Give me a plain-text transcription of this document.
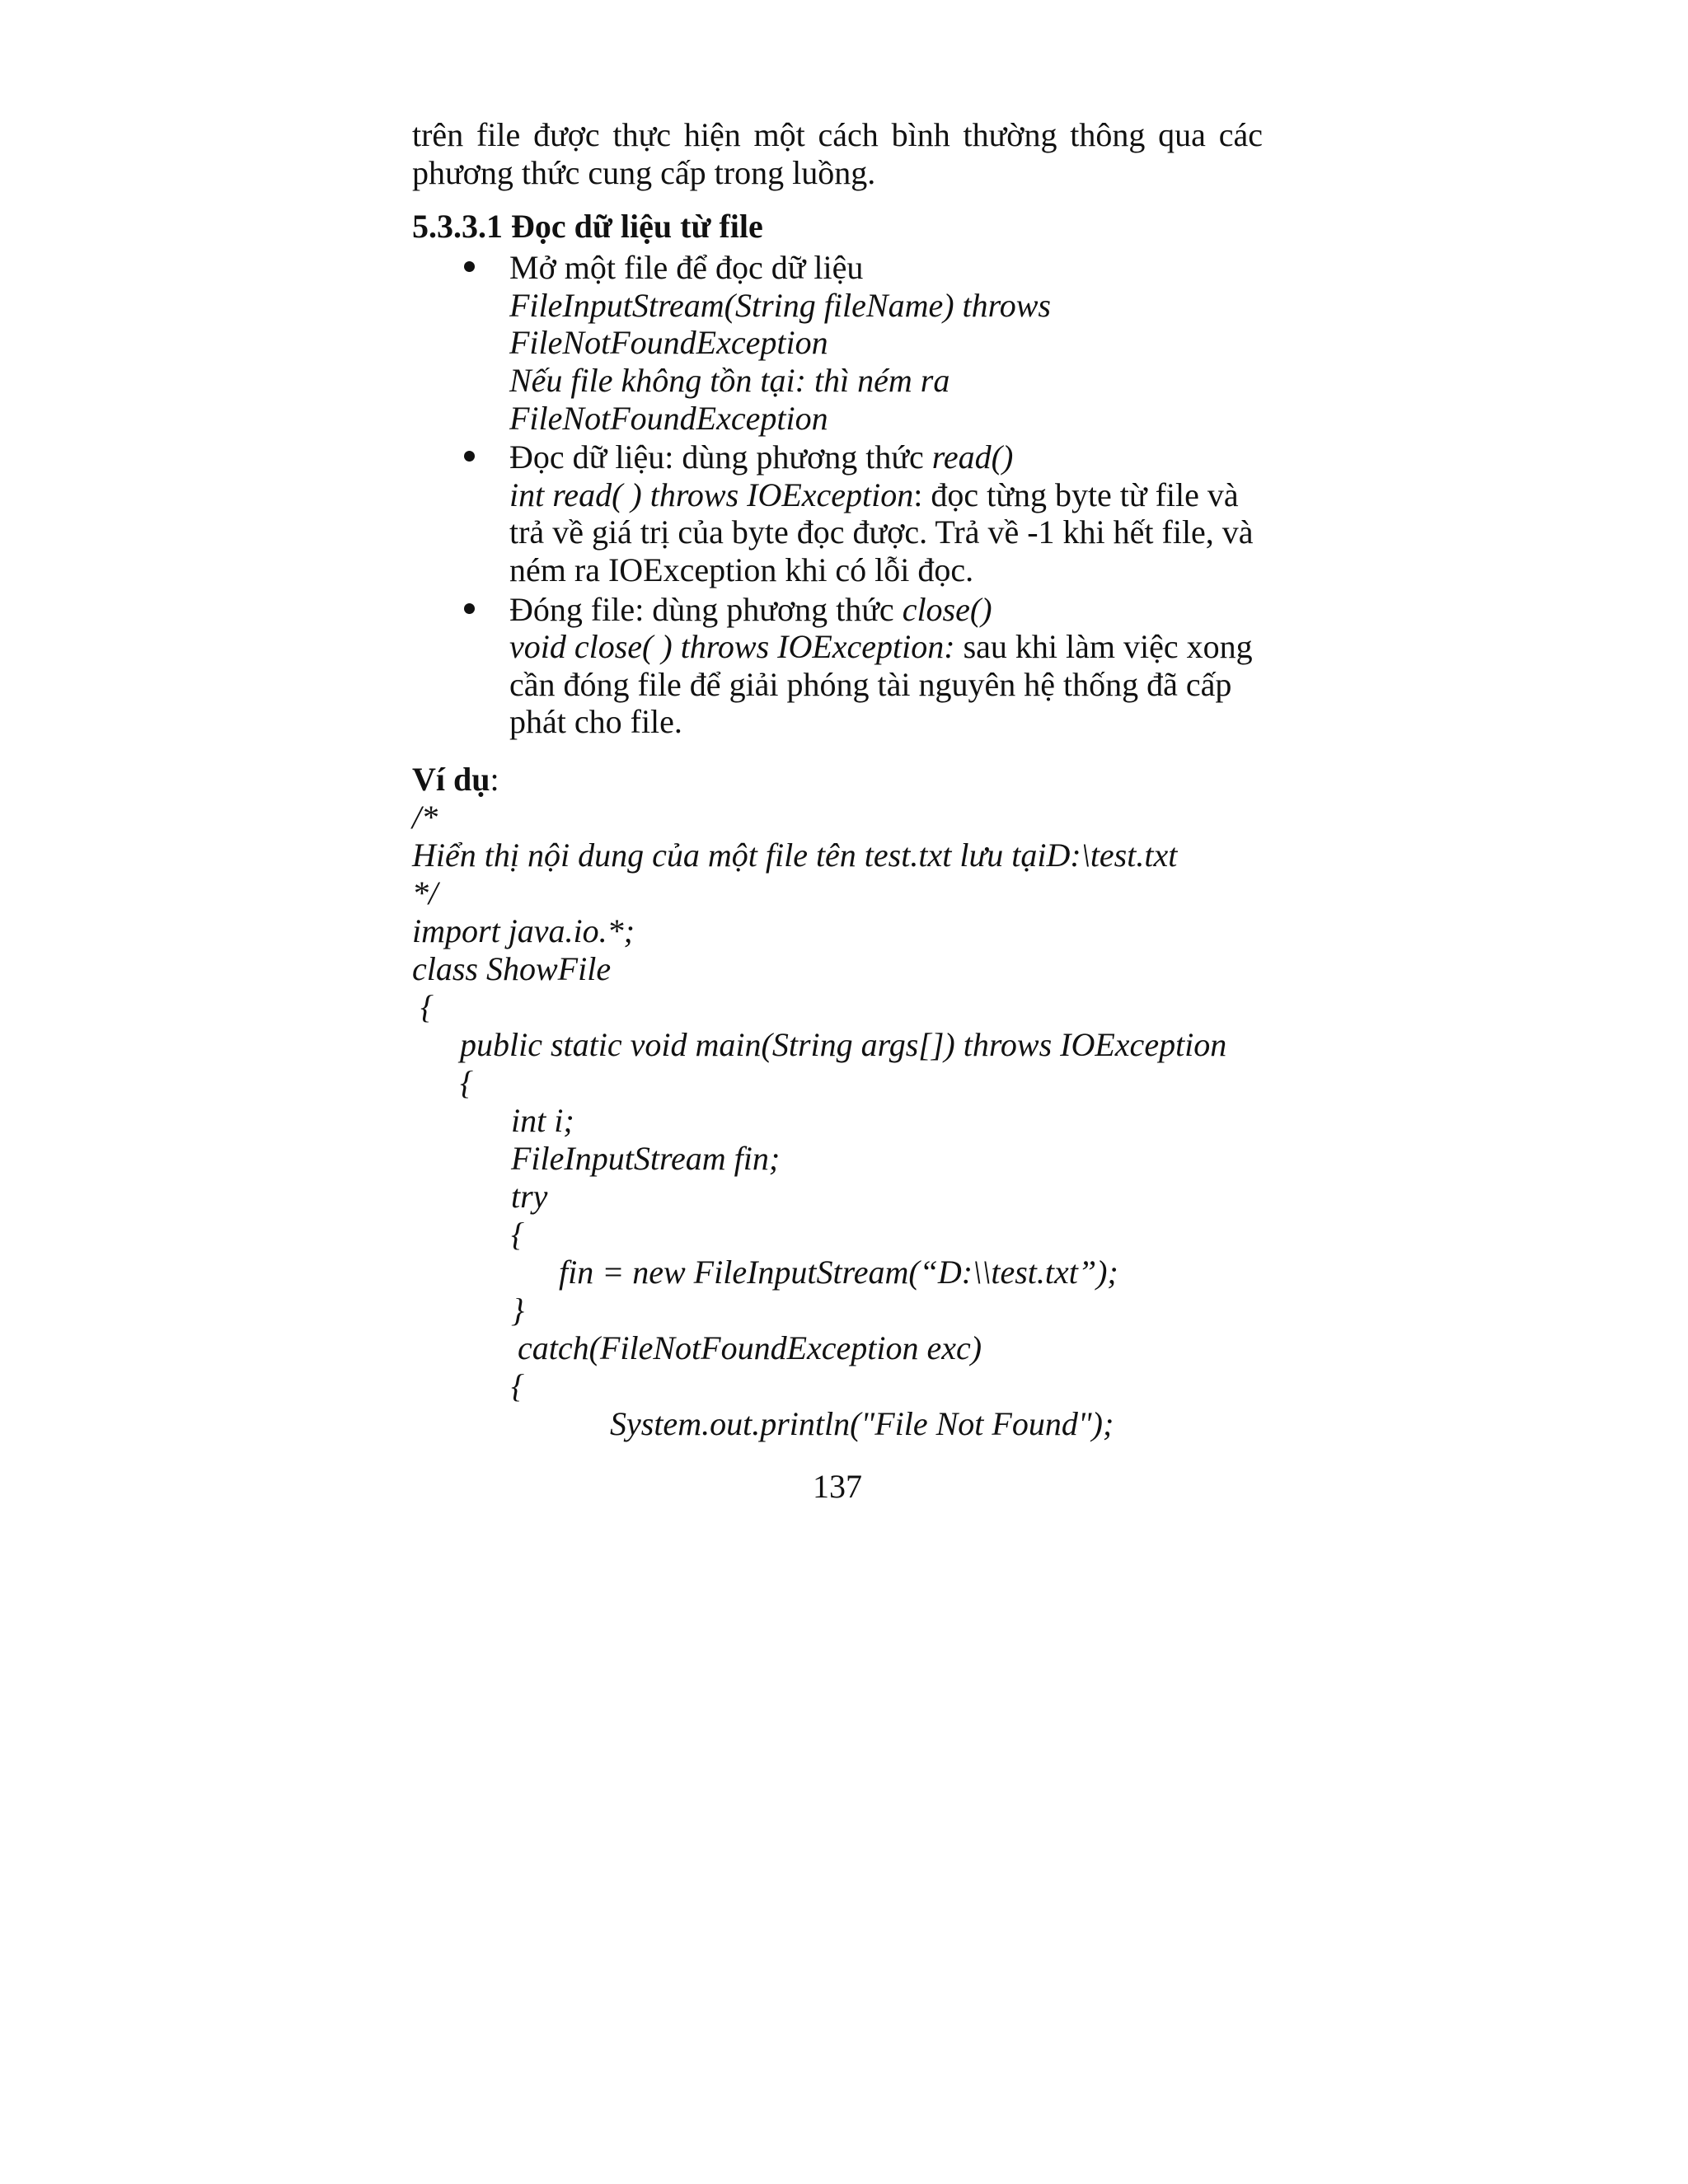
trên file được thực hiện một cách bình thường thông qua các
phương thức cung cấp trong luồng.
5.3.3.1 Đọc dữ liệu từ file
Mở một file để đọc dữ liệu
FileInputStream(String fileName) throws
FileNotFoundException
Nếu file không tồn tại: thì ném ra
FileNotFoundException
Đọc dữ liệu: dùng phương thức read()
int read( ) throws IOException: đọc từng byte từ file và
trả về giá trị của byte đọc được. Trả về -1 khi hết file, và
ném ra IOException khi có lỗi đọc.
Đóng file: dùng phương thức close()
void close( ) throws IOException: sau khi làm việc xong
cần đóng file để giải phóng tài nguyên hệ thống đã cấp
phát cho file.
Ví dụ:
/*
Hiển thị nội dung của một file tên test.txt lưu tạiD:\test.txt
*/
import java.io.*;
class ShowFile
{
public static void main(String args[]) throws IOException
{
int i;
FileInputStream fin;
try
{
fin = new FileInputStream(“D:\\test.txt”);
}
catch(FileNotFoundException exc)
{
System.out.println("File Not Found");
137
